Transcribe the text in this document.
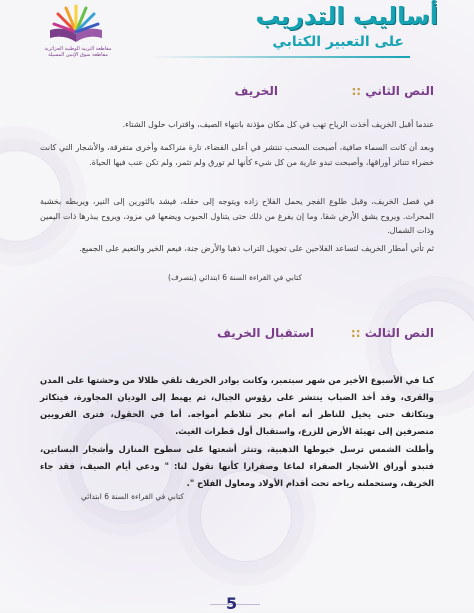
مقاطعة التربية الوطنية الجزائرية مقاطعة سوق الإثنين المسيلة
أساليب التدريب
على التعبير الكتابي
النص الثاني ::
الخريف
عندما أقبل الخريف أخذت الرياح تهب في كل مكان مؤذنة بانتهاء الصيف، واقتراب حلول الشتاء.
وبعد أن كانت السماء صافية، أصبحت السحب تنتشر في أعلى الفضاء، تارة متراكمة وأخرى متفرقة، والأشجار التي كانت خضراء تتناثر أوراقها، وأصبحت تبدو عارية من كل شيء كأنها لم تورق ولم تثمر، ولم تكن عنب فيها الحياة.
في فصل الخريف، وقبل طلوع الفجر يحمل الفلاح زاده ويتوجه إلى حقله، فيشد بالثورين إلى النير، ويربطه بخشبة المحراث. ويروح يشق الأرض شقا. وما إن يفرغ من ذلك حتى يتناول الحبوب ويضعها في مزود، ويروح يبذرها ذات اليمين وذات الشمال.
ثم تأتي أمطار الخريف لتساعد الفلاحين على تحويل التراب ذهبا والأرض جنة، فيعم الخير والنعيم على الجميع.
كتابي في القراءة السنة 6 ابتدائي (بتصرف)
النص الثالث ::
استقبال الخريف
كنا في الأسبوع الأخير من شهر سبتمبر، وكانت بوادر الخريف تلقي ظلالا من وحشتها على المدن والقرى، وقد أخذ الضباب ينتشر على رؤوس الجبال، ثم يهبط إلى الوديان المجاورة، فيتكاثر ويتكاثف حتى يخيل للناظر أنه أمام بحر تتلاطم أمواجه. أما في الحقول، فترى الفرويين منصرفين إلى تهيئة الأرض للزرع، واستقبال أول قطرات الغيث.
وأطلت الشمس ترسل خيوطها الذهبية، وتنثر أشعتها على سطوح المنازل وأشجار البساتين، فتبدو أوراق الأشجار الصفراء لماعا وصفرارا كأنها تقول لنا: " ودعي أيام الصيف، فقد جاء الخريف، وستحملنه رياحه تحت أقدام الأولاد ومعاول الفلاح ".
كتابي في القراءة السنة 6 ابتدائي
5
